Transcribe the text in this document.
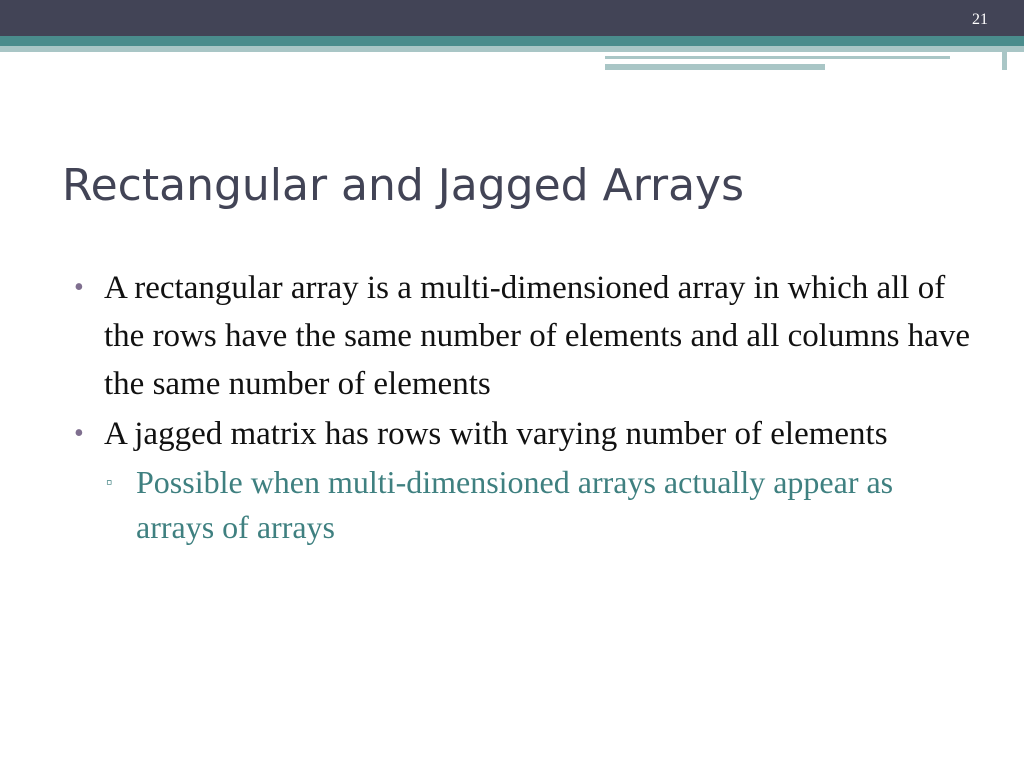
21
Rectangular and Jagged Arrays
• A rectangular array is a multi-dimensioned array in which all of the rows have the same number of elements and all columns have the same number of elements
• A jagged matrix has rows with varying number of elements
▫ Possible when multi-dimensioned arrays actually appear as arrays of arrays
